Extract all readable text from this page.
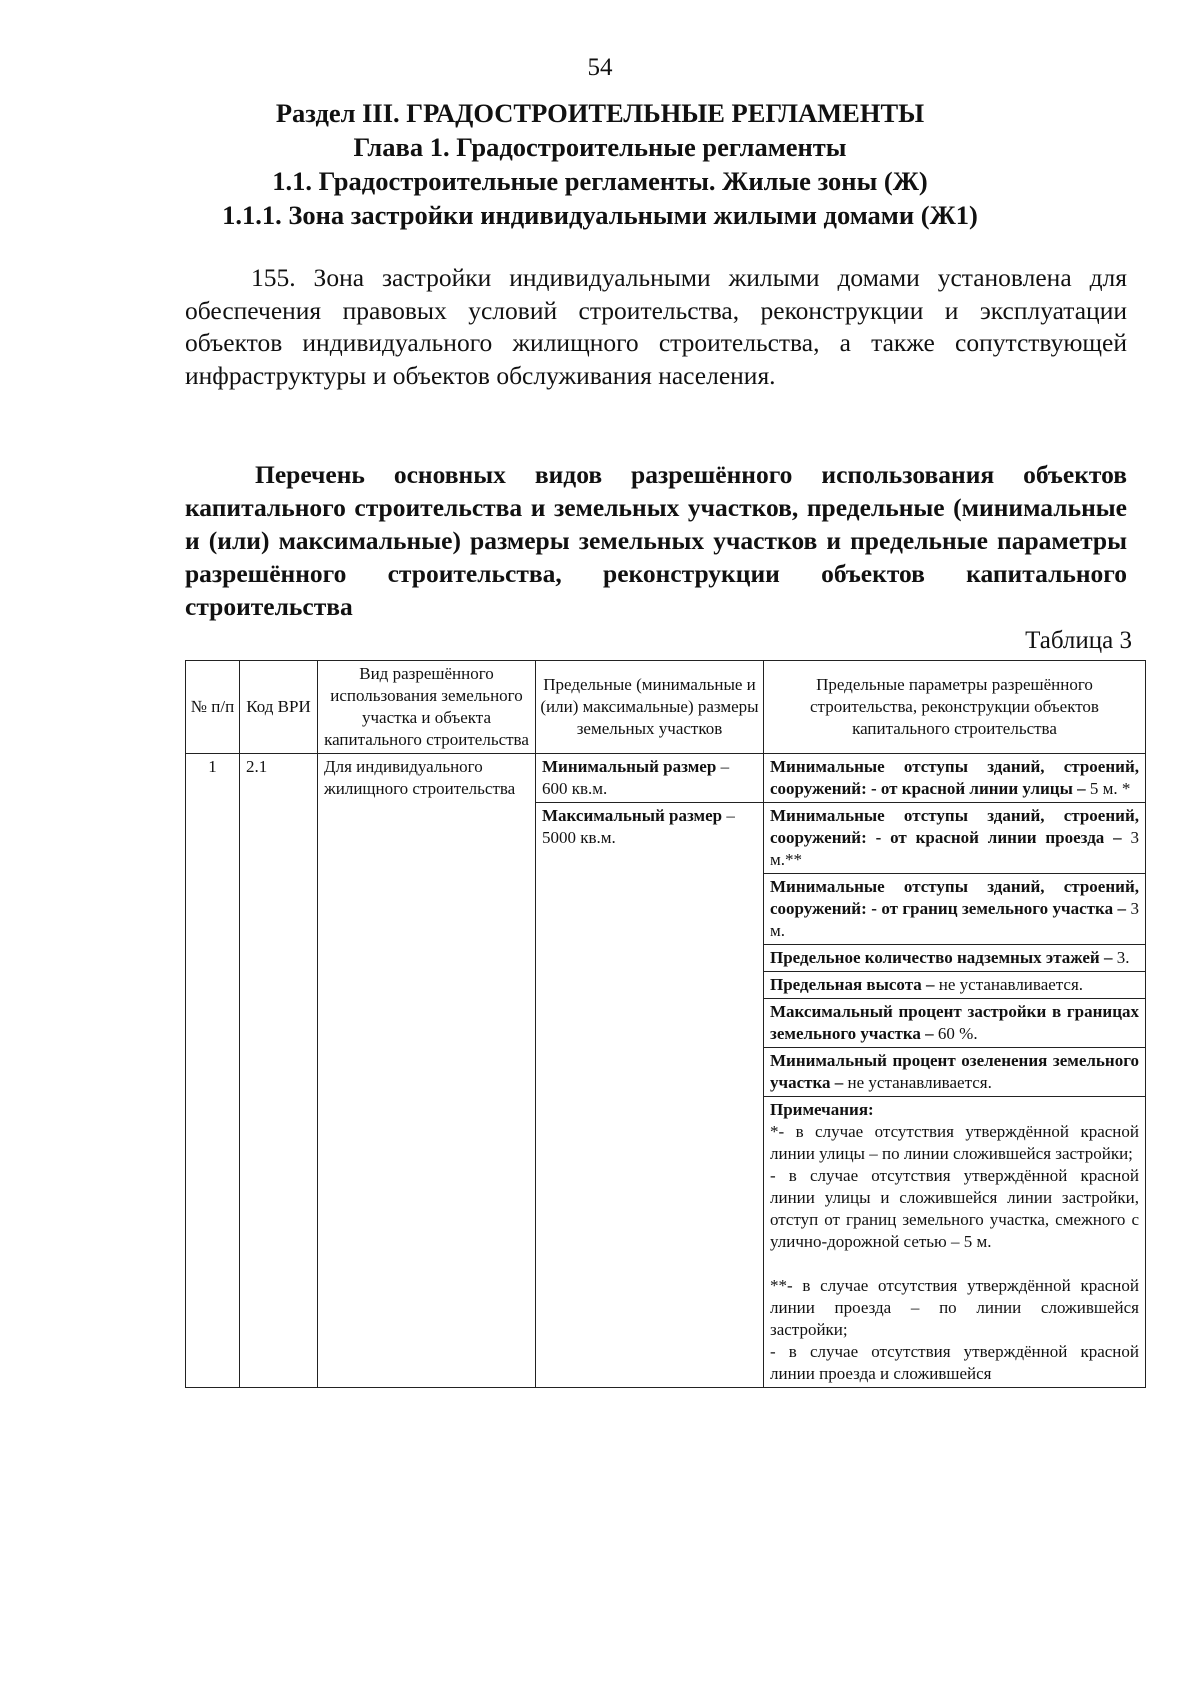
54
Раздел III. ГРАДОСТРОИТЕЛЬНЫЕ РЕГЛАМЕНТЫ
Глава 1. Градостроительные регламенты
1.1. Градостроительные регламенты. Жилые зоны (Ж)
1.1.1. Зона застройки индивидуальными жилыми домами (Ж1)
155. Зона застройки индивидуальными жилыми домами установлена для обеспечения правовых условий строительства, реконструкции и эксплуатации объектов индивидуального жилищного строительства, а также сопутствующей инфраструктуры и объектов обслуживания населения.
Перечень основных видов разрешённого использования объектов капитального строительства и земельных участков, предельные (минимальные и (или) максимальные) размеры земельных участков и предельные параметры разрешённого строительства, реконструкции объектов капитального строительства
Таблица 3
№ п/п	Код ВРИ	Вид разрешённого использования земельного участка и объекта капитального строительства	Предельные (минимальные и (или) максимальные) размеры земельных участков	Предельные параметры разрешённого строительства, реконструкции объектов капитального строительства
1	2.1	Для индивидуального жилищного строительства	Минимальный размер – 600 кв.м.	Минимальные отступы зданий, строений, сооружений: - от красной линии улицы – 5 м. *
			Максимальный размер – 5000 кв.м.	Минимальные отступы зданий, строений, сооружений: - от красной линии проезда – 3 м.**
				Минимальные отступы зданий, строений, сооружений: - от границ земельного участка – 3 м.
				Предельное количество надземных этажей – 3.
				Предельная высота – не устанавливается.
				Максимальный процент застройки в границах земельного участка – 60 %.
				Минимальный процент озеленения земельного участка – не устанавливается.

				Примечания:
*- в случае отсутствия утверждённой красной линии улицы – по линии сложившейся застройки;
- в случае отсутствия утверждённой красной линии улицы и сложившейся линии застройки, отступ от границ земельного участка, смежного с улично-дорожной сетью – 5 м.
**- в случае отсутствия утверждённой красной линии проезда – по линии сложившейся застройки;
- в случае отсутствия утверждённой красной линии проезда и сложившейся
